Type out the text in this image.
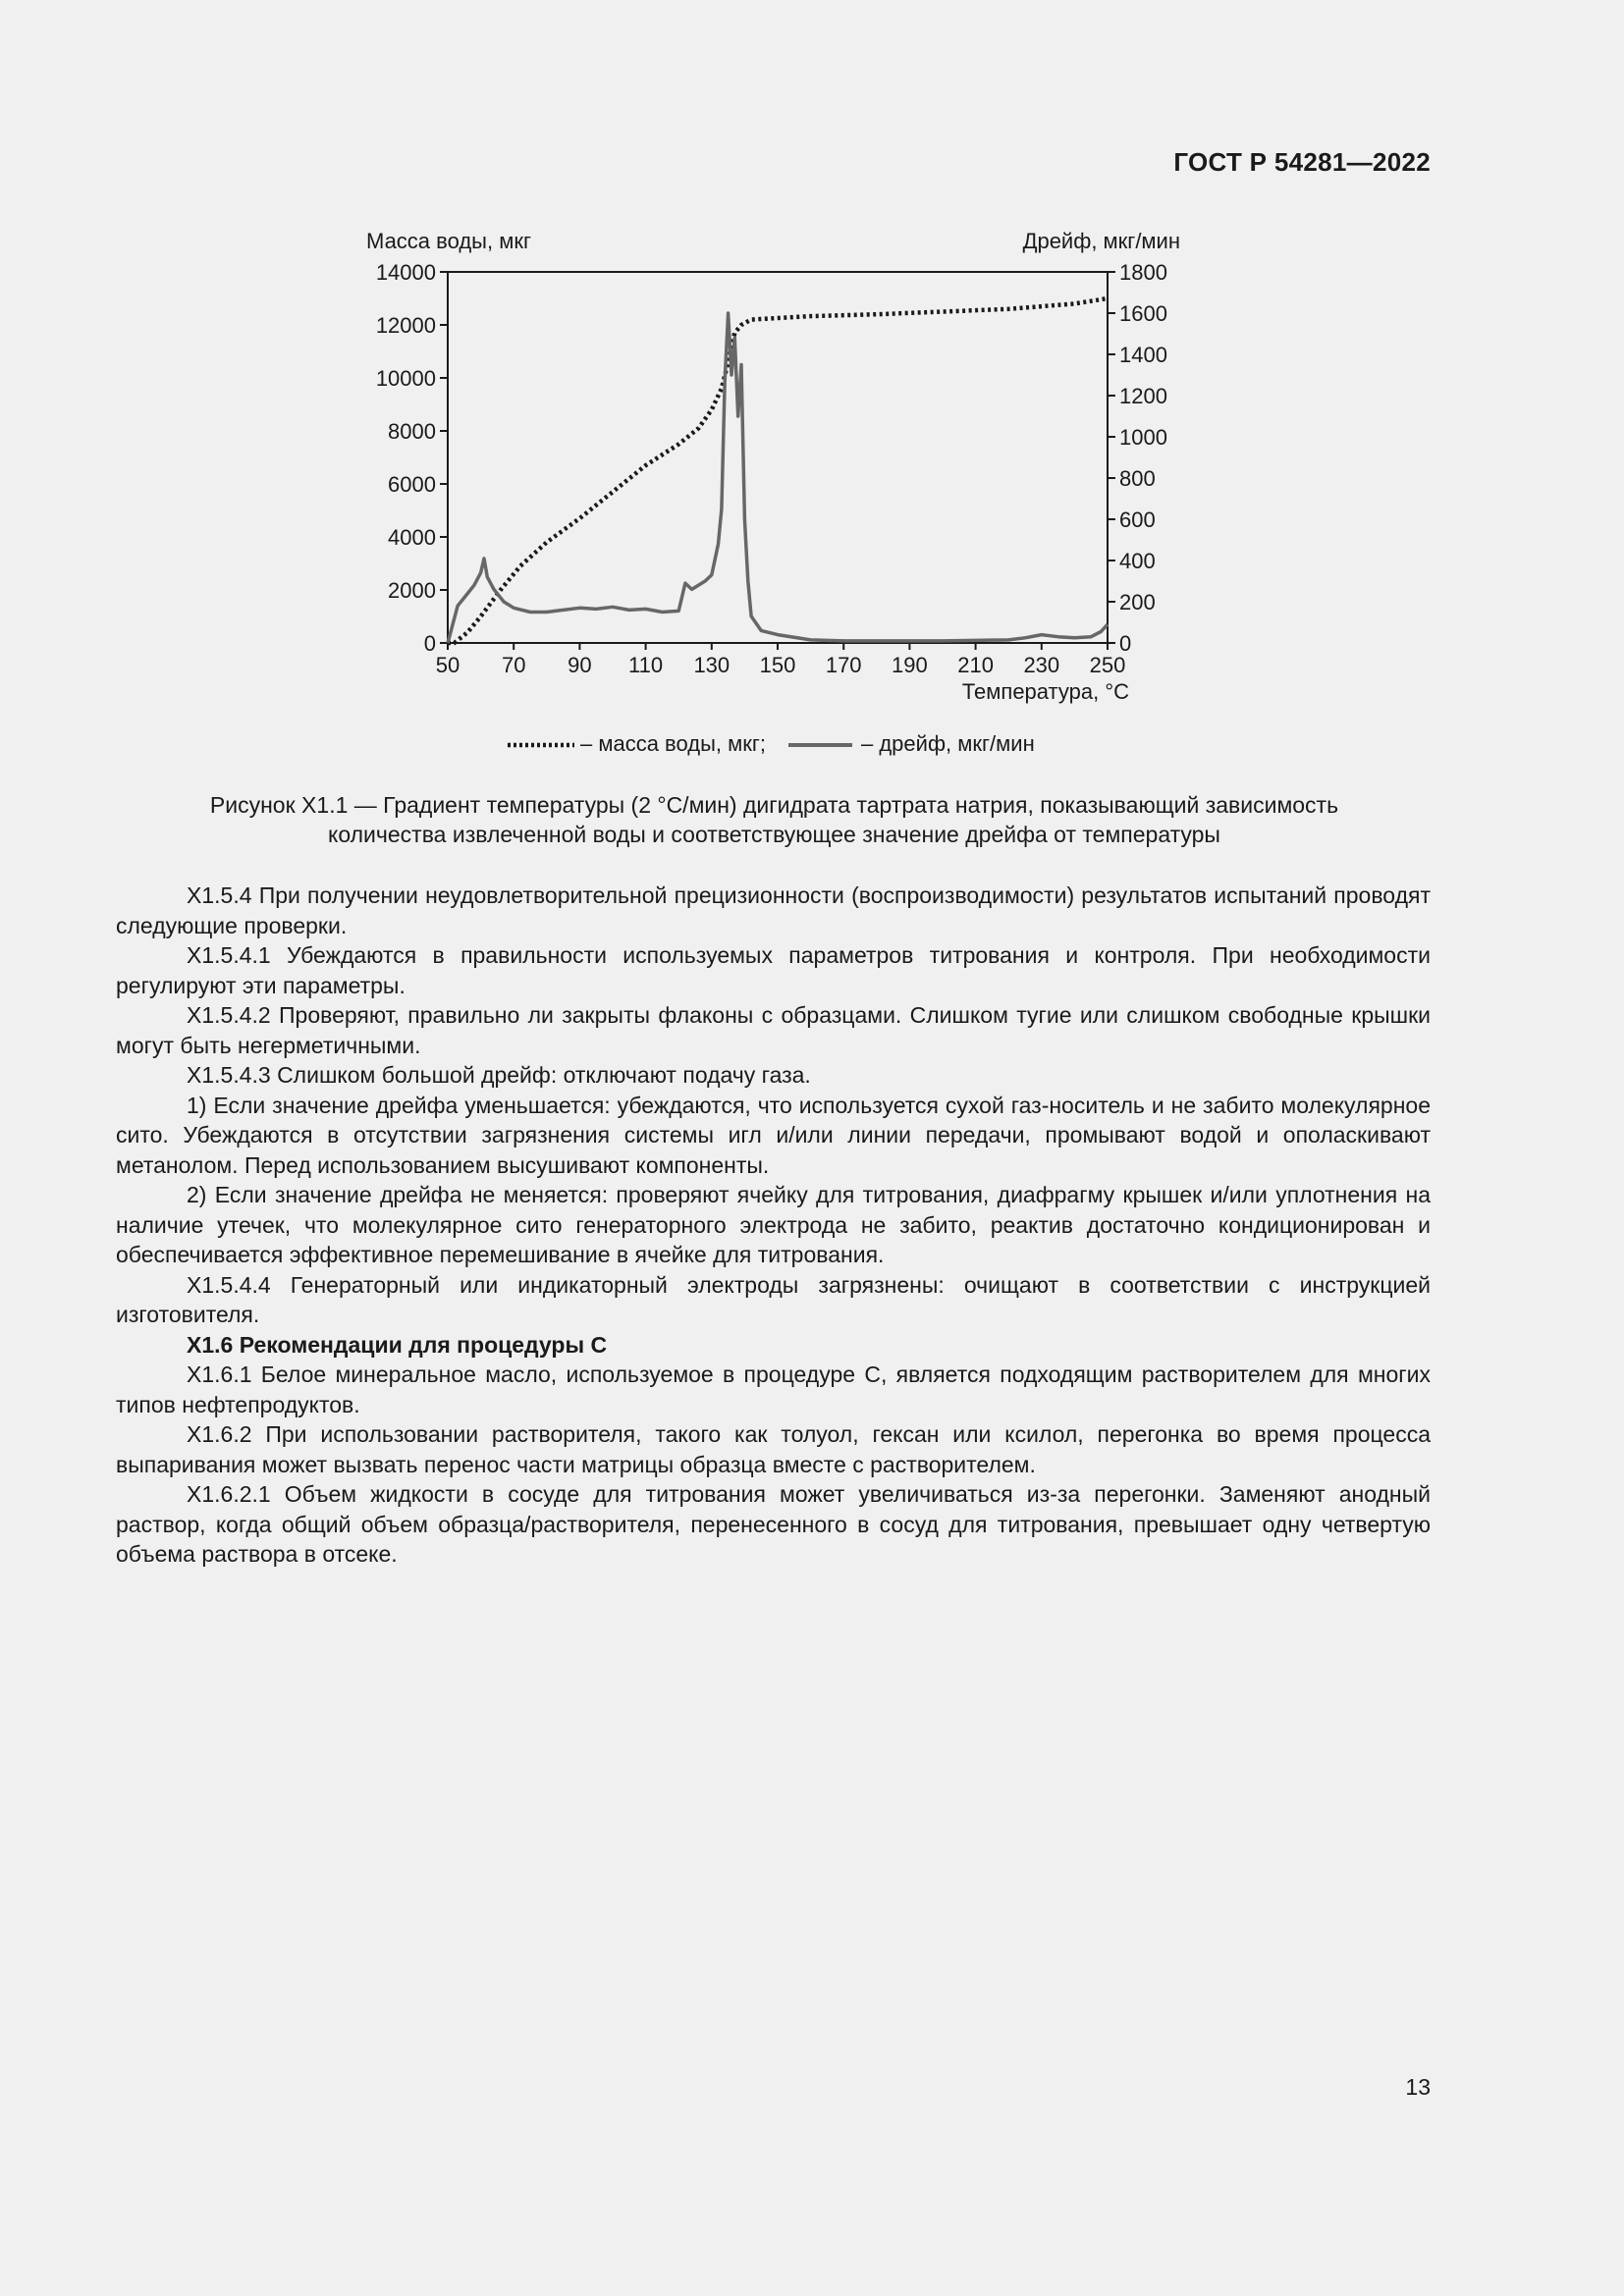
ГОСТ Р 54281—2022
Масса воды, мкг	Дрейф, мкг/мин
0
2000
4000
6000
8000
10000
12000
14000
0
200
400
600
800
1000
1200
1400
1600
1800
50 70 90 110 130 150 170 190 210 230 250
Температура, °С
– масса воды, мкг;	– дрейф, мкг/мин
Рисунок Х1.1 — Градиент температуры (2 °С/мин) дигидрата тартрата натрия, показывающий зависимость
количества извлеченной воды и соответствующее значение дрейфа от температуры

Х1.5.4 При получении неудовлетворительной прецизионности (воспроизводимости) результатов испытаний проводят следующие проверки.

Х1.5.4.1 Убеждаются в правильности используемых параметров титрования и контроля. При необходимости регулируют эти параметры.

Х1.5.4.2 Проверяют, правильно ли закрыты флаконы с образцами. Слишком тугие или слишком свободные крышки могут быть негерметичными.

Х1.5.4.3 Слишком большой дрейф: отключают подачу газа.

1) Если значение дрейфа уменьшается: убеждаются, что используется сухой газ-носитель и не забито молекулярное сито. Убеждаются в отсутствии загрязнения системы игл и/или линии передачи, промывают водой и ополаскивают метанолом. Перед использованием высушивают компоненты.

2) Если значение дрейфа не меняется: проверяют ячейку для титрования, диафрагму крышек и/или уплотнения на наличие утечек, что молекулярное сито генераторного электрода не забито, реактив достаточно кондиционирован и обеспечивается эффективное перемешивание в ячейке для титрования.

Х1.5.4.4 Генераторный или индикаторный электроды загрязнены: очищают в соответствии с инструкцией изготовителя.

Х1.6 Рекомендации для процедуры С

Х1.6.1 Белое минеральное масло, используемое в процедуре С, является подходящим растворителем для многих типов нефтепродуктов.

Х1.6.2 При использовании растворителя, такого как толуол, гексан или ксилол, перегонка во время процесса выпаривания может вызвать перенос части матрицы образца вместе с растворителем.

Х1.6.2.1 Объем жидкости в сосуде для титрования может увеличиваться из-за перегонки. Заменяют анодный раствор, когда общий объем образца/растворителя, перенесенного в сосуд для титрования, превышает одну четвертую объема раствора в отсеке.

13
